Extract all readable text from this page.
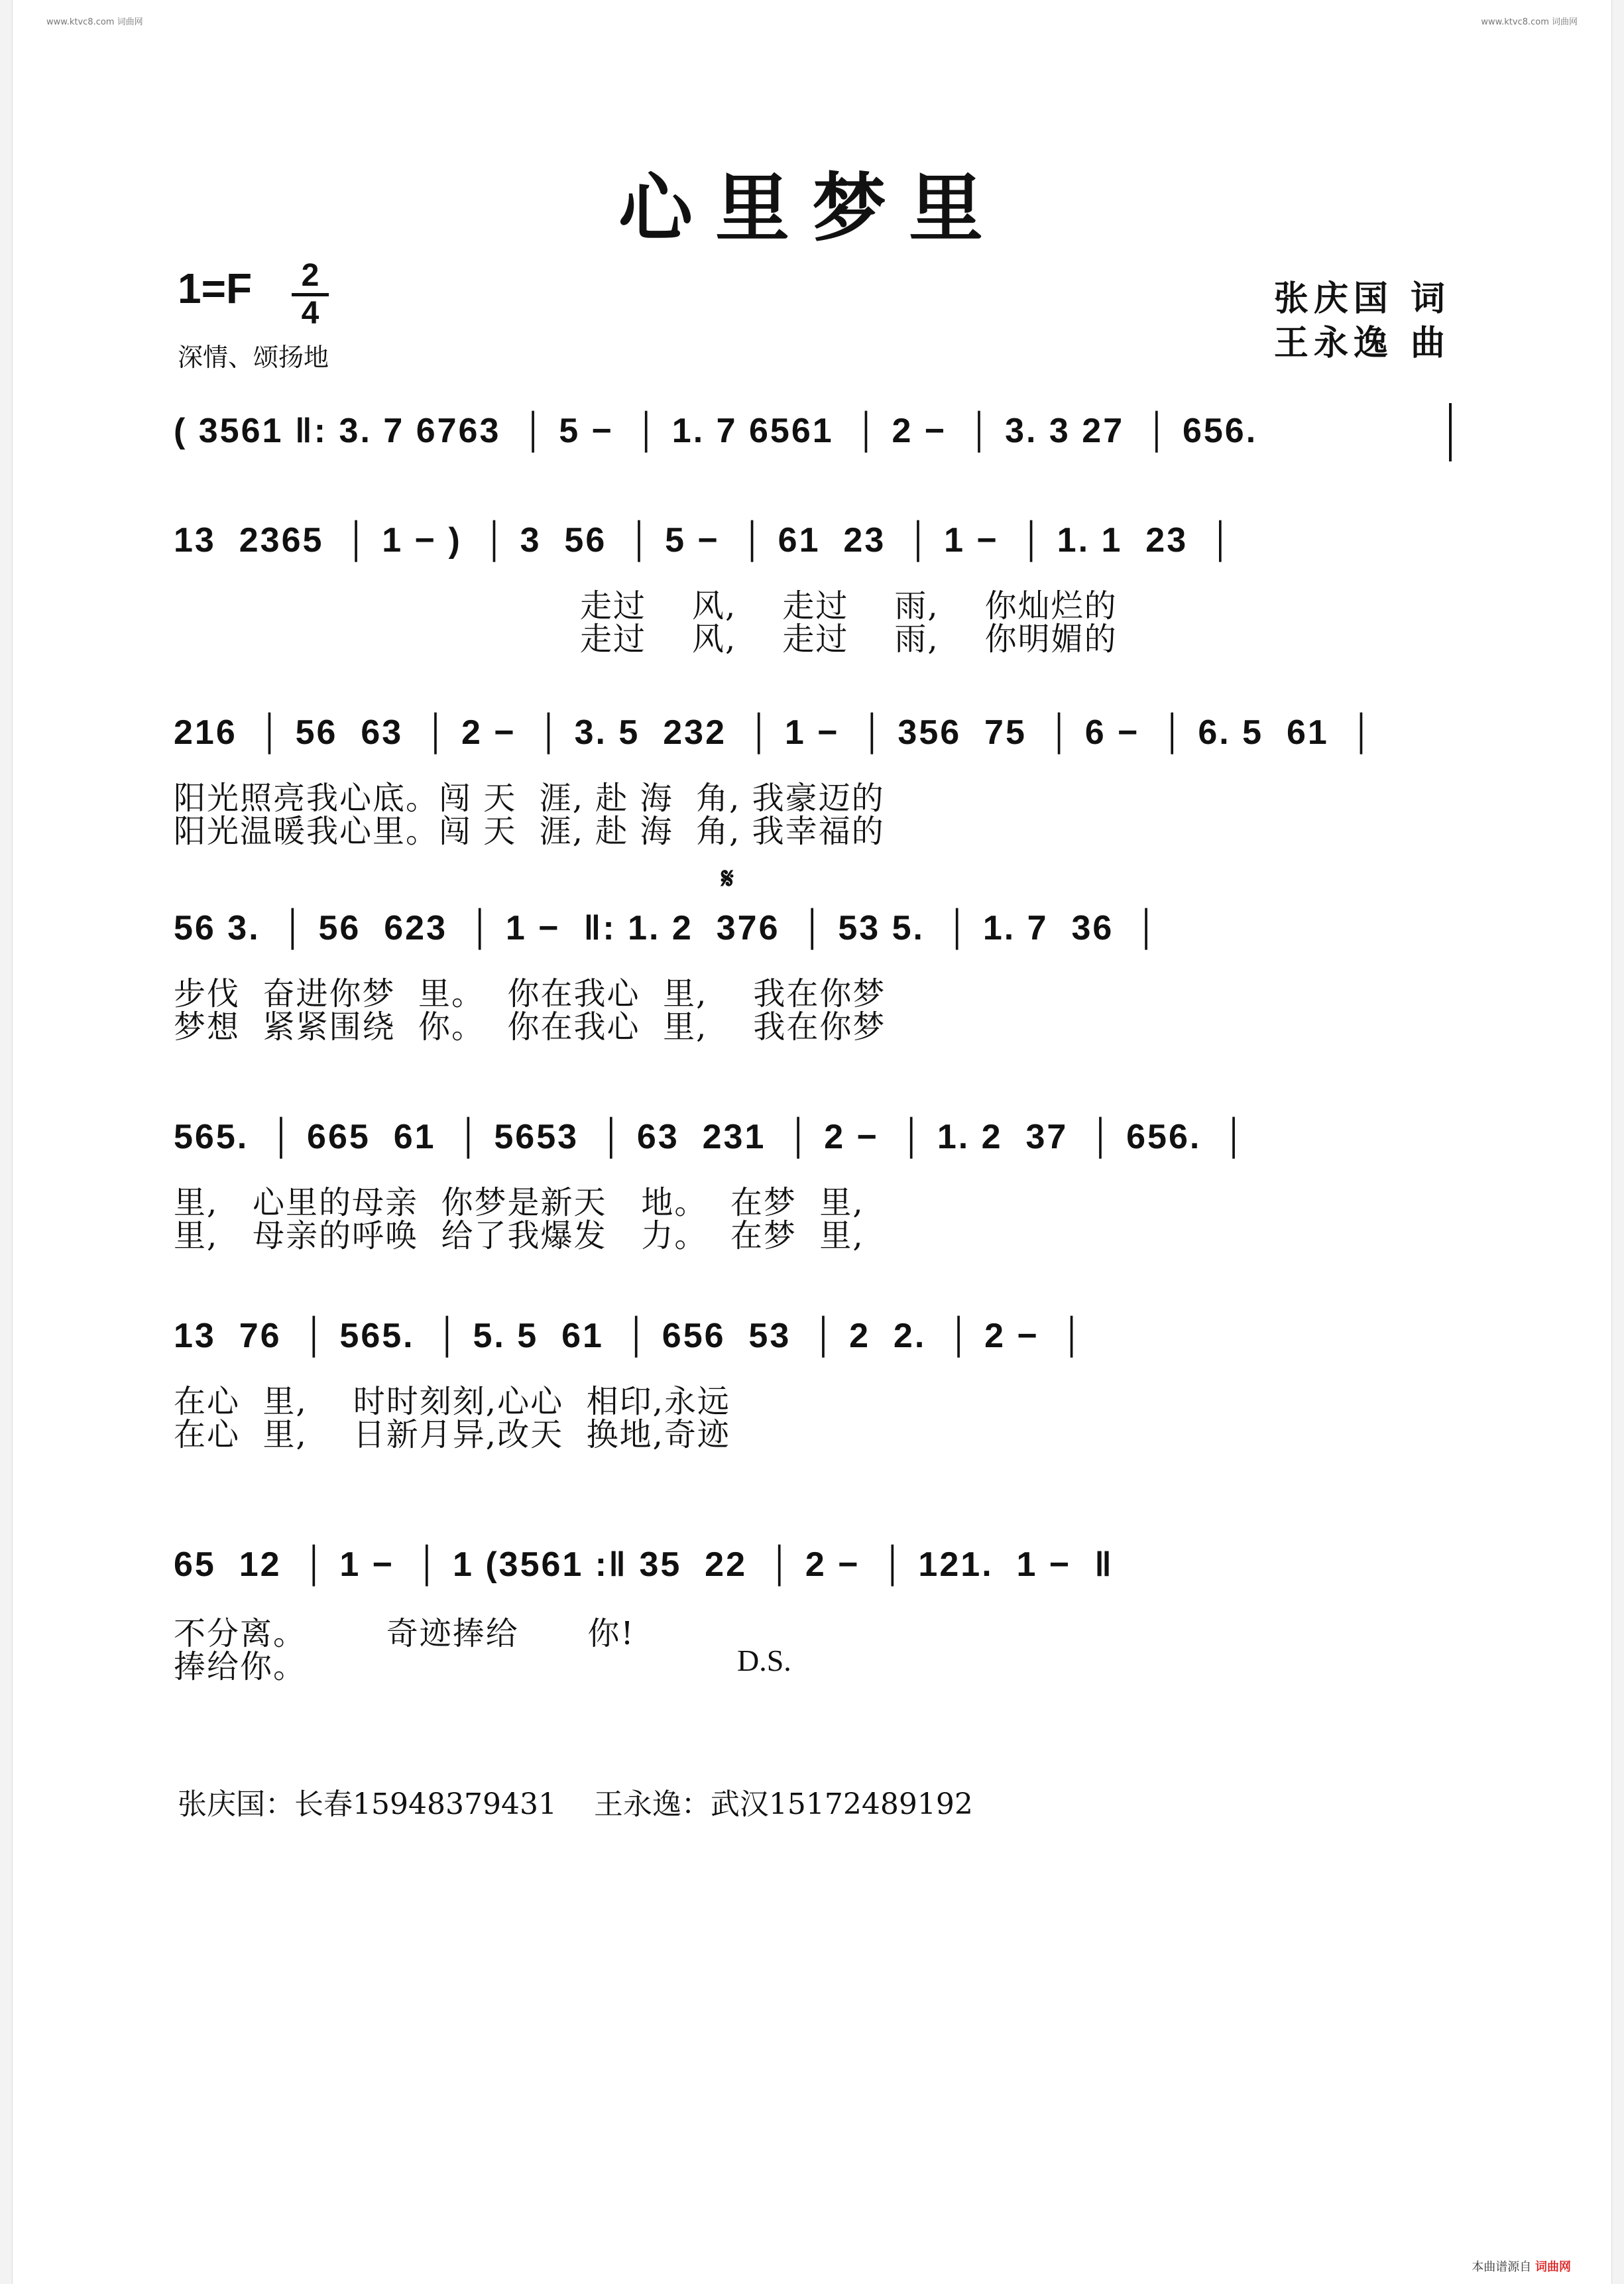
www.ktvc8.com 词曲网	www.ktvc8.com 词曲网
心里梦里
1=F	2
4
深情、颂扬地
张庆国 词
王永逸 曲
( 3561 ‖: 3. 7 6763  │ 5 −  │ 1. 7 6561  │ 2 −  │ 3. 3 27  │ 656.
13  2365  │ 1 − )  │ 3  56  │ 5 −  │ 61  23  │ 1 −  │ 1. 1  23  │
走过    风,    走过    雨,    你灿烂的
走过    风,    走过    雨,    你明媚的
216  │ 56  63  │ 2 −  │ 3. 5  232  │ 1 −  │ 356  75  │ 6 −  │ 6. 5  61  │
阳光照亮我心底。闯 天  涯, 赴 海  角, 我豪迈的
阳光温暖我心里。闯 天  涯, 赴 海  角, 我幸福的
𝄋
56 3.  │ 56  623  │ 1 −  ‖: 1. 2  376  │ 53 5.  │ 1. 7  36  │
步伐  奋进你梦  里。  你在我心  里,    我在你梦
梦想  紧紧围绕  你。  你在我心  里,    我在你梦
565.  │ 665  61  │ 5653  │ 63  231  │ 2 −  │ 1. 2  37  │ 656.  │
里,   心里的母亲  你梦是新天   地。  在梦  里,
里,   母亲的呼唤  给了我爆发   力。  在梦  里,
13  76  │ 565.  │ 5. 5  61  │ 656  53  │ 2  2.  │ 2 −  │
在心  里,    时时刻刻,心心  相印,永远
在心  里,    日新月异,改天  换地,奇迹
65  12  │ 1 −  │ 1 (3561 :‖ 35  22  │ 2 −  │ 121.  1 −  ‖
不分离。       奇迹捧给      你!
捧给你。	D.S.
张庆国：长春15948379431    王永逸：武汉15172489192
本曲谱源自 词曲网
